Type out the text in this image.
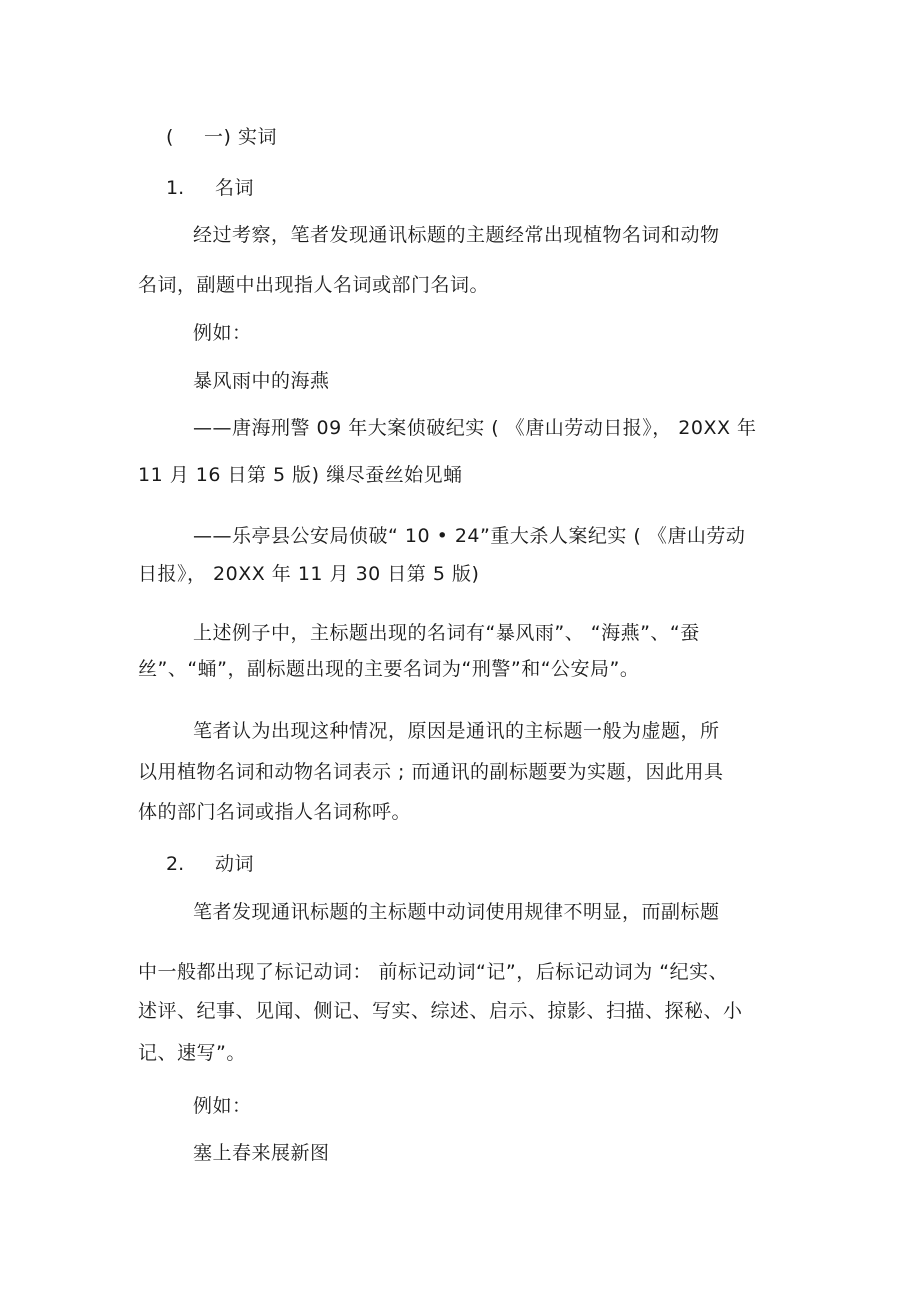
( 一) 实词
1. 名词
经过考察，笔者发现通讯标题的主题经常出现植物名词和动物
名词，副题中出现指人名词或部门名词。
例如：
暴风雨中的海燕
——唐海刑警 09 年大案侦破纪实 ( 《唐山劳动日报》， 20XX 年
11 月 16 日第 5 版) 缫尽蚕丝始见蛹
——乐亭县公安局侦破“ 10 • 24”重大杀人案纪实 ( 《唐山劳动
日报》， 20XX 年 11 月 30 日第 5 版)
上述例子中，主标题出现的名词有“暴风雨”、 “海燕”、“蚕
丝”、“蛹”，副标题出现的主要名词为“刑警”和“公安局”。
笔者认为出现这种情况，原因是通讯的主标题一般为虚题，所
以用植物名词和动物名词表示 ; 而通讯的副标题要为实题，因此用具
体的部门名词或指人名词称呼。
2. 动词
笔者发现通讯标题的主标题中动词使用规律不明显，而副标题
中一般都出现了标记动词： 前标记动词“记”，后标记动词为 “纪实、
述评、纪事、见闻、侧记、写实、综述、启示、掠影、扫描、探秘、小
记、速写”。
例如：
塞上春来展新图
